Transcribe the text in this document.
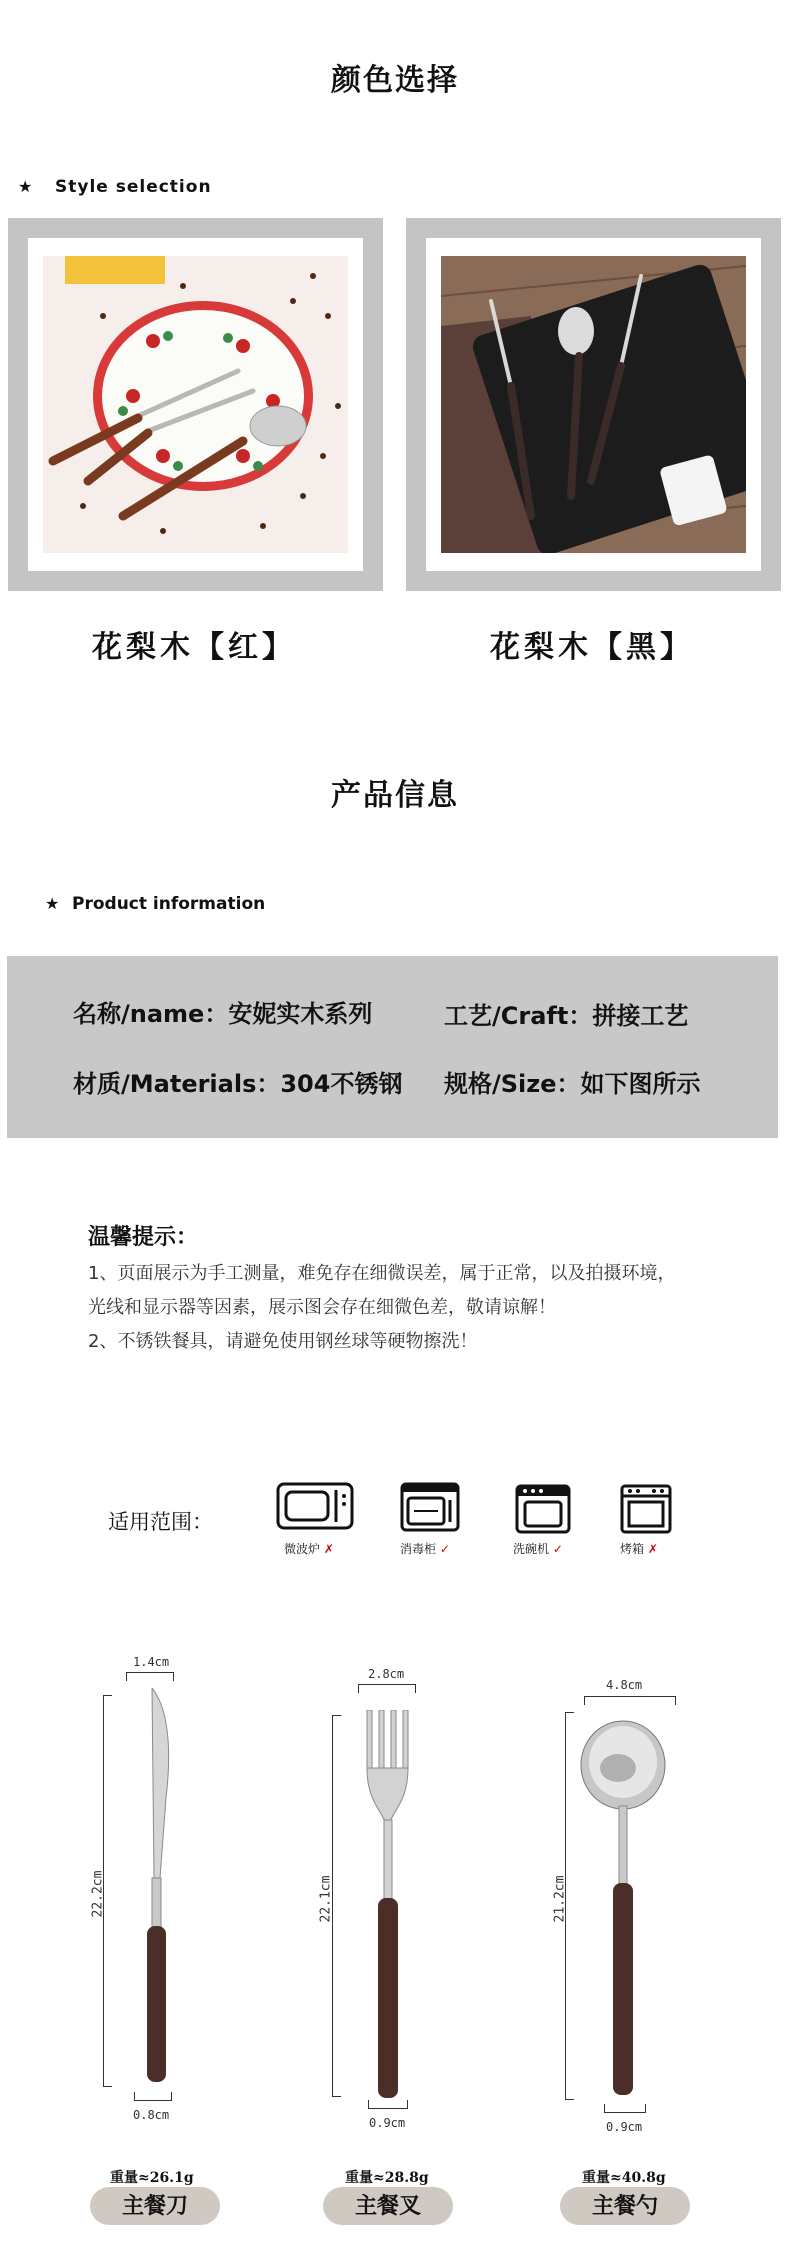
颜色选择
★ Style selection
花梨木【红】	花梨木【黑】
产品信息
★ Product information
名称/name：安妮实木系列	工艺/Craft：拼接工艺
材质/Materials：304不锈钢 规格/Size：如下图所示
温馨提示：
1、页面展示为手工测量，难免存在细微误差，属于正常，以及拍摄环境，
光线和显示器等因素，展示图会存在细微色差，敬请谅解！
2、不锈铁餐具，请避免使用钢丝球等硬物擦洗！
适用范围：
微波炉 ✗	消毒柜 ✓	洗碗机 ✓	烤箱 ✗
1.4cm
22.2cm
0.8cm
重量≈26.1g
主餐刀
2.8cm
22.1cm
0.9cm
重量≈28.8g
主餐叉
4.8cm
21.2cm
0.9cm
重量≈40.8g
主餐勺
